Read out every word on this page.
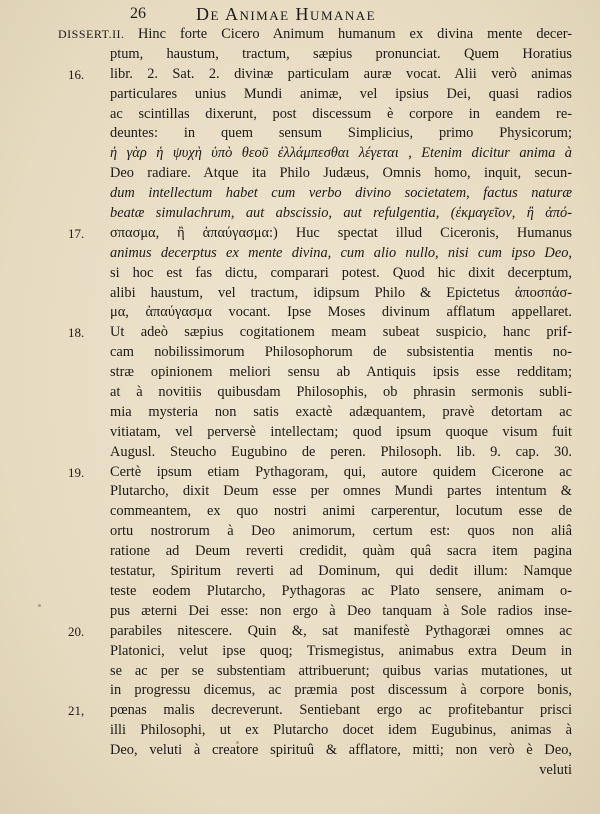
26	De Animae Humanae
DISSERT.II. Hinc forte Cicero Animum humanum ex divina mente decer-
ptum, haustum, tractum, sæpius pronunciat. Quem Horatius
16. libr. 2. Sat. 2. divinæ particulam auræ vocat. Alii verò animas
particulares unius Mundi animæ, vel ipsius Dei, quasi radios
ac scintillas dixerunt, post discessum è corpore in eandem re-
deuntes: in quem sensum Simplicius, primo Physicorum;
ἡ γὰρ ἡ ψυχὴ ὑπὸ θεοῦ ἐλλάμπεσθαι λέγεται , Etenim dicitur anima à
Deo radiare. Atque ita Philo Judæus, Omnis homo, inquit, secun-
dum intellectum habet cum verbo divino societatem, factus naturæ
beatæ simulachrum, aut abscissio, aut refulgentia, (ἐκμαγεῖον, ἢ ἀπό-
17. σπασμα, ἢ ἀπαύγασμα:) Huc spectat illud Ciceronis, Humanus
animus decerptus ex mente divina, cum alio nullo, nisi cum ipso Deo,
si hoc est fas dictu, comparari potest. Quod hic dixit decerptum,
alibi haustum, vel tractum, idipsum Philo & Epictetus ἀποσπάσ-
μα, ἀπαύγασμα vocant. Ipse Moses divinum afflatum appellaret.
18. Ut adeò sæpius cogitationem meam subeat suspicio, hanc prif-
cam nobilissimorum Philosophorum de subsistentia mentis no-
stræ opinionem meliori sensu ab Antiquis ipsis esse redditam;
at à novitiis quibusdam Philosophis, ob phrasin sermonis subli-
mia mysteria non satis exactè adæquantem, pravè detortam ac
vitiatam, vel perversè intellectam; quod ipsum quoque visum fuit
Augusl. Steucho Eugubino de peren. Philosoph. lib. 9. cap. 30.
19. Certè ipsum etiam Pythagoram, qui, autore quidem Cicerone ac
Plutarcho, dixit Deum esse per omnes Mundi partes intentum &
commeantem, ex quo nostri animi carperentur, locutum esse de
ortu nostrorum à Deo animorum, certum est: quos non aliâ
ratione ad Deum reverti credidit, quàm quâ sacra item pagina
testatur, Spiritum reverti ad Dominum, qui dedit illum: Namque
teste eodem Plutarcho, Pythagoras ac Plato sensere, animam o-
pus æterni Dei esse: non ergo à Deo tanquam à Sole radios inse-
20. parabiles nitescere. Quin &, sat manifestè Pythagoræi omnes ac
Platonici, velut ipse quoq; Trismegistus, animabus extra Deum in
se ac per se substentiam attribuerunt; quibus varias mutationes, ut
in progressu dicemus, ac præmia post discessum à corpore bonis,
21, pœnas malis decreverunt. Sentiebant ergo ac profitebantur prisci
illi Philosophi, ut ex Plutarcho docet idem Eugubinus, animas à
Deo, veluti à creatore spirituû & afflatore, mitti; non verò è Deo,
veluti
